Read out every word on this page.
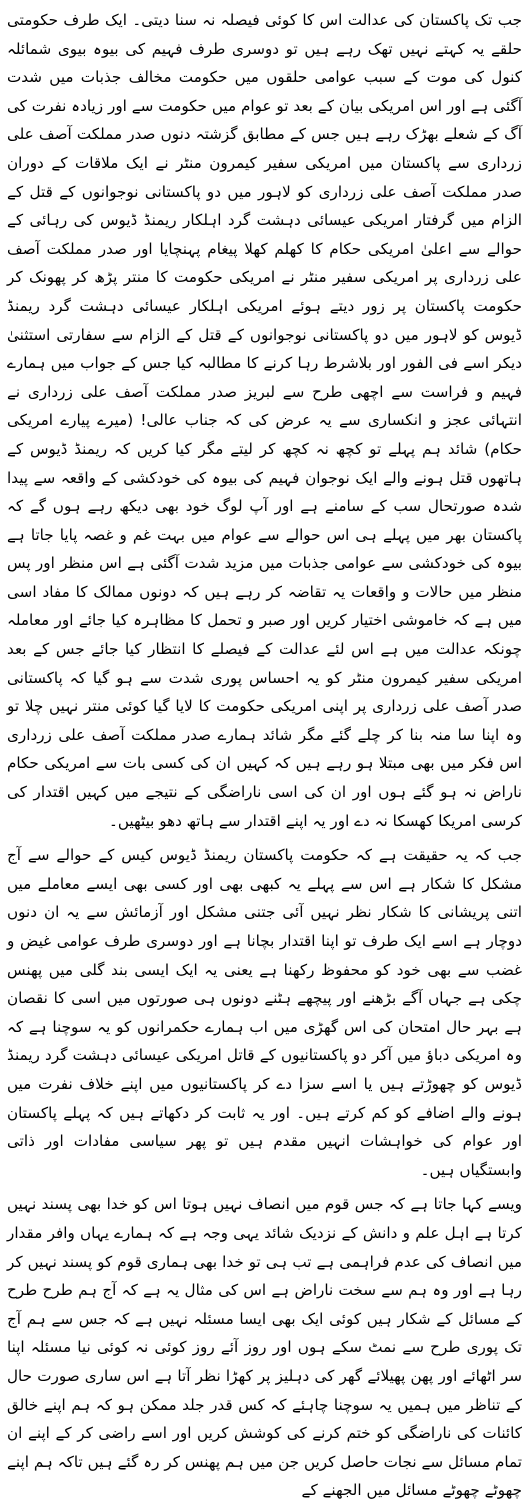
جب تک پاکستان کی عدالت اس کا کوئی فیصلہ نہ سنا دیتی۔ ایک طرف حکومتی حلقے یہ کہتے نہیں تھک رہے ہیں تو دوسری طرف فہیم کی بیوہ بیوی شمائلہ کنول کی موت کے سبب عوامی حلقوں میں حکومت مخالف جذبات میں شدت آگئی ہے اور اس امریکی بیان کے بعد تو عوام میں حکومت سے اور زیادہ نفرت کی آگ کے شعلے بھڑک رہے ہیں جس کے مطابق گزشتہ دنوں صدر مملکت آصف علی زرداری سے پاکستان میں امریکی سفیر کیمرون منٹر نے ایک ملاقات کے دوران صدر مملکت آصف علی زرداری کو لاہور میں دو پاکستانی نوجوانوں کے قتل کے الزام میں گرفتار امریکی عیسائی دہشت گرد اہلکار ریمنڈ ڈیوس کی رہائی کے حوالے سے اعلیٰ امریکی حکام کا کھلم کھلا پیغام پہنچایا اور صدر مملکت آصف علی زرداری پر امریکی سفیر منٹر نے امریکی حکومت کا منتر پڑھ کر پھونک کر حکومت پاکستان پر زور دیتے ہوئے امریکی اہلکار عیسائی دہشت گرد ریمنڈ ڈیوس کو لاہور میں دو پاکستانی نوجوانوں کے قتل کے الزام سے سفارتی استثنیٰ دیکر اسے فی الفور اور بلاشرط رہا کرنے کا مطالبہ کیا جس کے جواب میں ہمارے فہیم و فراست سے اچھی طرح سے لبریز صدر مملکت آصف علی زرداری نے انتہائی عجز و انکساری سے یہ عرض کی کہ جناب عالی! (میرے پیارے امریکی حکام) شائد ہم پہلے تو کچھ نہ کچھ کر لیتے مگر کیا کریں کہ ریمنڈ ڈیوس کے ہاتھوں قتل ہونے والے ایک نوجوان فہیم کی بیوہ کی خودکشی کے واقعہ سے پیدا شدہ صورتحال سب کے سامنے ہے اور آپ لوگ خود بھی دیکھ رہے ہوں گے کہ پاکستان بھر میں پہلے ہی اس حوالے سے عوام میں بہت غم و غصہ پایا جاتا ہے بیوہ کی خودکشی سے عوامی جذبات میں مزید شدت آگئی ہے اس منظر اور پس منظر میں حالات و واقعات یہ تقاضہ کر رہے ہیں کہ دونوں ممالک کا مفاد اسی میں ہے کہ خاموشی اختیار کریں اور صبر و تحمل کا مظاہرہ کیا جائے اور معاملہ چونکہ عدالت میں ہے اس لئے عدالت کے فیصلے کا انتظار کیا جائے جس کے بعد امریکی سفیر کیمرون منٹر کو یہ احساس پوری شدت سے ہو گیا کہ پاکستانی صدر آصف علی زرداری پر اپنی امریکی حکومت کا لایا گیا کوئی منتر نہیں چلا تو وہ اپنا سا منہ بنا کر چلے گئے مگر شائد ہمارے صدر مملکت آصف علی زرداری اس فکر میں بھی مبتلا ہو رہے ہیں کہ کہیں ان کی کسی بات سے امریکی حکام ناراض نہ ہو گئے ہوں اور ان کی اسی ناراضگی کے نتیجے میں کہیں اقتدار کی کرسی امریکا کھسکا نہ دے اور یہ اپنے اقتدار سے ہاتھ دھو بیٹھیں۔

جب کہ یہ حقیقت ہے کہ حکومت پاکستان ریمنڈ ڈیوس کیس کے حوالے سے آج مشکل کا شکار ہے اس سے پہلے یہ کبھی بھی اور کسی بھی ایسے معاملے میں اتنی پریشانی کا شکار نظر نہیں آئی جتنی مشکل اور آزمائش سے یہ ان دنوں دوچار ہے اسے ایک طرف تو اپنا اقتدار بچانا ہے اور دوسری طرف عوامی غیض و غضب سے بھی خود کو محفوظ رکھنا ہے یعنی یہ ایک ایسی بند گلی میں پھنس چکی ہے جہاں آگے بڑھنے اور پیچھے ہٹنے دونوں ہی صورتوں میں اسی کا نقصان ہے بہر حال امتحان کی اس گھڑی میں اب ہمارے حکمرانوں کو یہ سوچنا ہے کہ وہ امریکی دباؤ میں آکر دو پاکستانیوں کے قاتل امریکی عیسائی دہشت گرد ریمنڈ ڈیوس کو چھوڑتے ہیں یا اسے سزا دے کر پاکستانیوں میں اپنے خلاف نفرت میں ہونے والے اضافے کو کم کرتے ہیں۔ اور یہ ثابت کر دکھاتے ہیں کہ پہلے پاکستان اور عوام کی خواہشات انہیں مقدم ہیں تو پھر سیاسی مفادات اور ذاتی وابستگیاں ہیں۔

ویسے کہا جاتا ہے کہ جس قوم میں انصاف نہیں ہوتا اس کو خدا بھی پسند نہیں کرتا ہے اہل علم و دانش کے نزدیک شائد یہی وجہ ہے کہ ہمارے یہاں وافر مقدار میں انصاف کی عدم فراہمی ہے تب ہی تو خدا بھی ہماری قوم کو پسند نہیں کر رہا ہے اور وہ ہم سے سخت ناراض ہے اس کی مثال یہ ہے کہ آج ہم طرح طرح کے مسائل کے شکار ہیں کوئی ایک بھی ایسا مسئلہ نہیں ہے کہ جس سے ہم آج تک پوری طرح سے نمٹ سکے ہوں اور روز آئے روز کوئی نہ کوئی نیا مسئلہ اپنا سر اٹھائے اور پھن پھیلائے گھر کی دہلیز پر کھڑا نظر آتا ہے اس ساری صورت حال کے تناظر میں ہمیں یہ سوچنا چاہئے کہ کس قدر جلد ممکن ہو کہ ہم اپنے خالق کائنات کی ناراضگی کو ختم کرنے کی کوشش کریں اور اسے راضی کر کے اپنے ان تمام مسائل سے نجات حاصل کریں جن میں ہم پھنس کر رہ گئے ہیں تاکہ ہم اپنے چھوٹے چھوٹے مسائل میں الجھنے کے
